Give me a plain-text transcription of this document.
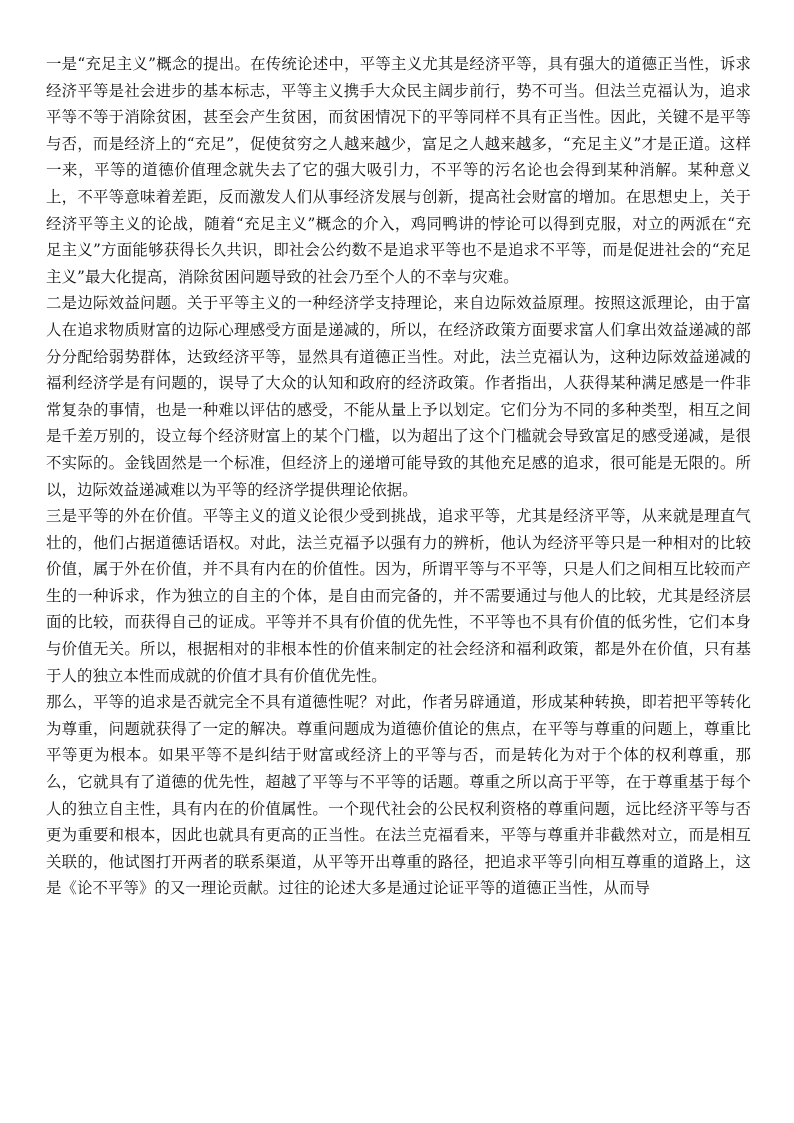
一是“充足主义”概念的提出。在传统论述中，平等主义尤其是经济平等，具有强大的道德正当性，诉求经济平等是社会进步的基本标志，平等主义携手大众民主阔步前行，势不可当。但法兰克福认为，追求平等不等于消除贫困，甚至会产生贫困，而贫困情况下的平等同样不具有正当性。因此，关键不是平等与否，而是经济上的“充足”，促使贫穷之人越来越少，富足之人越来越多，“充足主义”才是正道。这样一来，平等的道德价值理念就失去了它的强大吸引力，不平等的污名论也会得到某种消解。某种意义上，不平等意味着差距，反而激发人们从事经济发展与创新，提高社会财富的增加。在思想史上，关于经济平等主义的论战，随着“充足主义”概念的介入，鸡同鸭讲的悖论可以得到克服，对立的两派在“充足主义”方面能够获得长久共识，即社会公约数不是追求平等也不是追求不平等，而是促进社会的“充足主义”最大化提高，消除贫困问题导致的社会乃至个人的不幸与灾难。

二是边际效益问题。关于平等主义的一种经济学支持理论，来自边际效益原理。按照这派理论，由于富人在追求物质财富的边际心理感受方面是递减的，所以，在经济政策方面要求富人们拿出效益递减的部分分配给弱势群体，达致经济平等，显然具有道德正当性。对此，法兰克福认为，这种边际效益递减的福利经济学是有问题的，误导了大众的认知和政府的经济政策。作者指出，人获得某种满足感是一件非常复杂的事情，也是一种难以评估的感受，不能从量上予以划定。它们分为不同的多种类型，相互之间是千差万别的，设立每个经济财富上的某个门槛，以为超出了这个门槛就会导致富足的感受递减，是很不实际的。金钱固然是一个标准，但经济上的递增可能导致的其他充足感的追求，很可能是无限的。所以，边际效益递减难以为平等的经济学提供理论依据。

三是平等的外在价值。平等主义的道义论很少受到挑战，追求平等，尤其是经济平等，从来就是理直气壮的，他们占据道德话语权。对此，法兰克福予以强有力的辨析，他认为经济平等只是一种相对的比较价值，属于外在价值，并不具有内在的价值性。因为，所谓平等与不平等，只是人们之间相互比较而产生的一种诉求，作为独立的自主的个体，是自由而完备的，并不需要通过与他人的比较，尤其是经济层面的比较，而获得自己的证成。平等并不具有价值的优先性，不平等也不具有价值的低劣性，它们本身与价值无关。所以，根据相对的非根本性的价值来制定的社会经济和福利政策，都是外在价值，只有基于人的独立本性而成就的价值才具有价值优先性。

那么，平等的追求是否就完全不具有道德性呢？对此，作者另辟通道，形成某种转换，即若把平等转化为尊重，问题就获得了一定的解决。尊重问题成为道德价值论的焦点，在平等与尊重的问题上，尊重比平等更为根本。如果平等不是纠结于财富或经济上的平等与否，而是转化为对于个体的权利尊重，那么，它就具有了道德的优先性，超越了平等与不平等的话题。尊重之所以高于平等，在于尊重基于每个人的独立自主性，具有内在的价值属性。一个现代社会的公民权利资格的尊重问题，远比经济平等与否更为重要和根本，因此也就具有更高的正当性。在法兰克福看来，平等与尊重并非截然对立，而是相互关联的，他试图打开两者的联系渠道，从平等开出尊重的路径，把追求平等引向相互尊重的道路上，这是《论不平等》的又一理论贡献。过往的论述大多是通过论证平等的道德正当性，从而导
